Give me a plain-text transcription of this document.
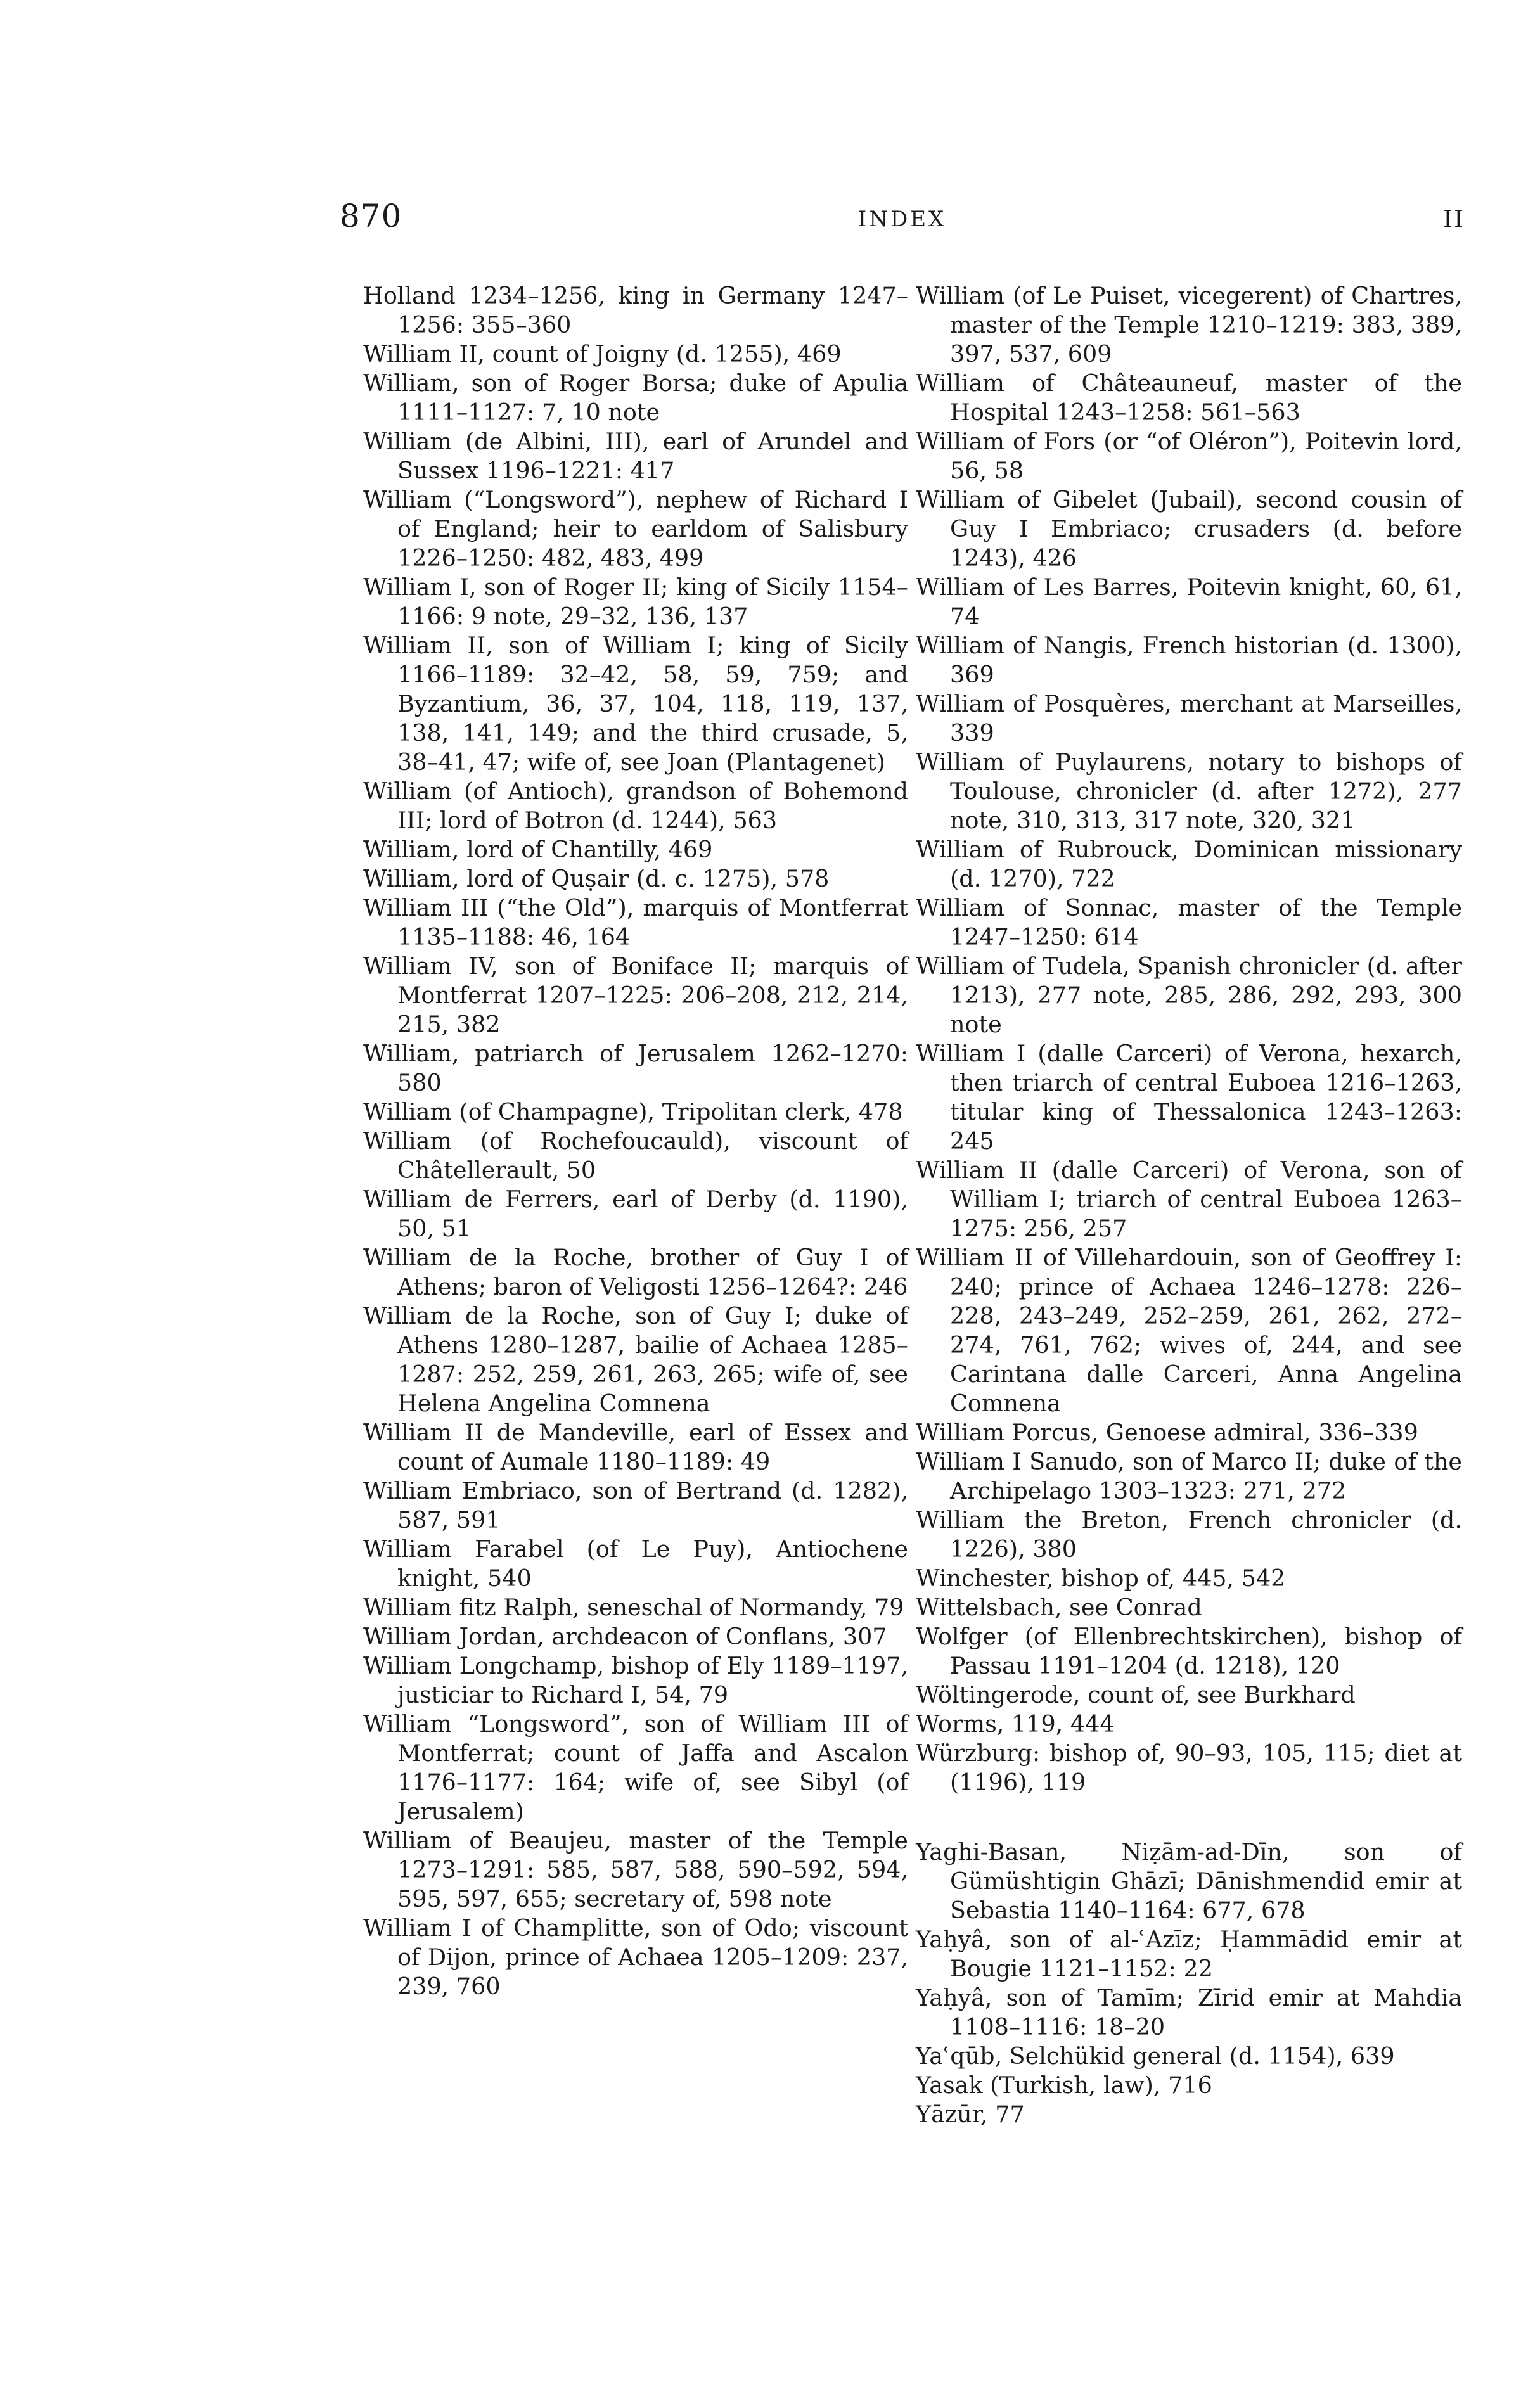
870	INDEX	II

Holland 1234–1256, king in Germany 1247–1256: 355–360

William II, count of Joigny (d. 1255), 469

William, son of Roger Borsa; duke of Apulia 1111–1127: 7, 10 note

William (de Albini, III), earl of Arundel and Sussex 1196–1221: 417

William (“Longsword”), nephew of Richard I of England; heir to earldom of Salisbury 1226–1250: 482, 483, 499

William I, son of Roger II; king of Sicily 1154–1166: 9 note, 29–32, 136, 137

William II, son of William I; king of Sicily 1166–1189: 32–42, 58, 59, 759; and Byzantium, 36, 37, 104, 118, 119, 137, 138, 141, 149; and the third crusade, 5, 38–41, 47; wife of, see Joan (Plantagenet)

William (of Antioch), grandson of Bohemond III; lord of Botron (d. 1244), 563

William, lord of Chantilly, 469

William, lord of Quṣair (d. c. 1275), 578

William III (“the Old”), marquis of Montferrat 1135–1188: 46, 164

William IV, son of Boniface II; marquis of Montferrat 1207–1225: 206–208, 212, 214, 215, 382

William, patriarch of Jerusalem 1262–1270: 580

William (of Champagne), Tripolitan clerk, 478

William (of Rochefoucauld), viscount of Châtellerault, 50

William de Ferrers, earl of Derby (d. 1190), 50, 51

William de la Roche, brother of Guy I of Athens; baron of Veligosti 1256–1264?: 246

William de la Roche, son of Guy I; duke of Athens 1280–1287, bailie of Achaea 1285–1287: 252, 259, 261, 263, 265; wife of, see Helena Angelina Comnena

William II de Mandeville, earl of Essex and count of Aumale 1180–1189: 49

William Embriaco, son of Bertrand (d. 1282), 587, 591

William Farabel (of Le Puy), Antiochene knight, 540

William fitz Ralph, seneschal of Normandy, 79

William Jordan, archdeacon of Conflans, 307

William Longchamp, bishop of Ely 1189–1197, justiciar to Richard I, 54, 79

William “Longsword”, son of William III of Montferrat; count of Jaffa and Ascalon 1176–1177: 164; wife of, see Sibyl (of Jerusalem)

William of Beaujeu, master of the Temple 1273–1291: 585, 587, 588, 590–592, 594, 595, 597, 655; secretary of, 598 note

William I of Champlitte, son of Odo; viscount of Dijon, prince of Achaea 1205–1209: 237, 239, 760

William (of Le Puiset, vicegerent) of Chartres, master of the Temple 1210–1219: 383, 389, 397, 537, 609

William of Châteauneuf, master of the Hospital 1243–1258: 561–563

William of Fors (or “of Oléron”), Poitevin lord, 56, 58

William of Gibelet (Jubail), second cousin of Guy I Embriaco; crusaders (d. before 1243), 426

William of Les Barres, Poitevin knight, 60, 61, 74

William of Nangis, French historian (d. 1300), 369

William of Posquères, merchant at Marseilles, 339

William of Puylaurens, notary to bishops of Toulouse, chronicler (d. after 1272), 277 note, 310, 313, 317 note, 320, 321

William of Rubrouck, Dominican missionary (d. 1270), 722

William of Sonnac, master of the Temple 1247–1250: 614

William of Tudela, Spanish chronicler (d. after 1213), 277 note, 285, 286, 292, 293, 300 note

William I (dalle Carceri) of Verona, hexarch, then triarch of central Euboea 1216–1263, titular king of Thessalonica 1243–1263: 245

William II (dalle Carceri) of Verona, son of William I; triarch of central Euboea 1263–1275: 256, 257

William II of Villehardouin, son of Geoffrey I: 240; prince of Achaea 1246–1278: 226–228, 243–249, 252–259, 261, 262, 272–274, 761, 762; wives of, 244, and see Carintana dalle Carceri, Anna Angelina Comnena

William Porcus, Genoese admiral, 336–339

William I Sanudo, son of Marco II; duke of the Archipelago 1303–1323: 271, 272

William the Breton, French chronicler (d. 1226), 380

Winchester, bishop of, 445, 542

Wittelsbach, see Conrad

Wolfger (of Ellenbrechtskirchen), bishop of Passau 1191–1204 (d. 1218), 120

Wöltingerode, count of, see Burkhard

Worms, 119, 444

Würzburg: bishop of, 90–93, 105, 115; diet at (1196), 119

Yaghi-Basan, Niẓām-ad-Dīn, son of Gümüshtigin Ghāzī; Dānishmendid emir at Sebastia 1140–1164: 677, 678

Yaḥyâ, son of al-ʿAzīz; Ḥammādid emir at Bougie 1121–1152: 22

Yaḥyâ, son of Tamīm; Zīrid emir at Mahdia 1108–1116: 18–20

Yaʿqūb, Selchükid general (d. 1154), 639

Yasak (Turkish, law), 716

Yāzūr, 77
